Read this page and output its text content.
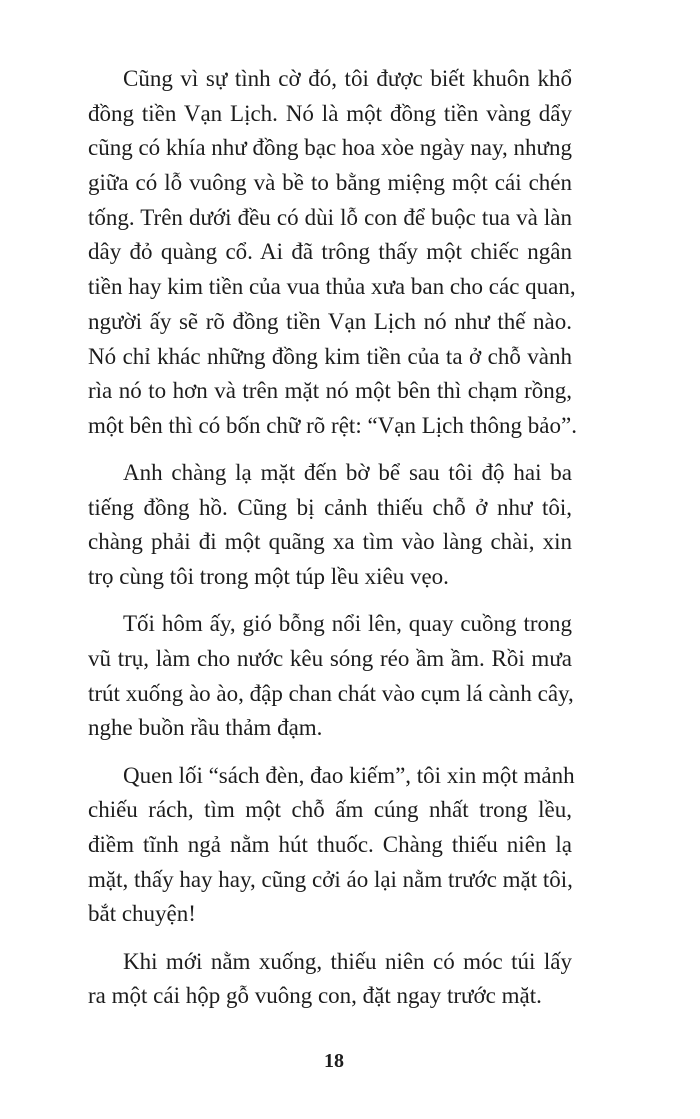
Cũng vì sự tình cờ đó, tôi được biết khuôn khổ
đồng tiền Vạn Lịch. Nó là một đồng tiền vàng dẩy
cũng có khía như đồng bạc hoa xòe ngày nay, nhưng
giữa có lỗ vuông và bề to bằng miệng một cái chén
tống. Trên dưới đều có dùi lỗ con để buộc tua và làn
dây đỏ quàng cổ. Ai đã trông thấy một chiếc ngân
tiền hay kim tiền của vua thủa xưa ban cho các quan,
người ấy sẽ rõ đồng tiền Vạn Lịch nó như thế nào.
Nó chỉ khác những đồng kim tiền của ta ở chỗ vành
rìa nó to hơn và trên mặt nó một bên thì chạm rồng,
một bên thì có bốn chữ rõ rệt: “Vạn Lịch thông bảo”.
Anh chàng lạ mặt đến bờ bể sau tôi độ hai ba
tiếng đồng hồ. Cũng bị cảnh thiếu chỗ ở như tôi,
chàng phải đi một quãng xa tìm vào làng chài, xin
trọ cùng tôi trong một túp lều xiêu vẹo.
Tối hôm ấy, gió bỗng nổi lên, quay cuồng trong
vũ trụ, làm cho nước kêu sóng réo ầm ầm. Rồi mưa
trút xuống ào ào, đập chan chát vào cụm lá cành cây,
nghe buồn rầu thảm đạm.
Quen lối “sách đèn, đao kiếm”, tôi xin một mảnh
chiếu rách, tìm một chỗ ấm cúng nhất trong lều,
điềm tĩnh ngả nằm hút thuốc. Chàng thiếu niên lạ
mặt, thấy hay hay, cũng cởi áo lại nằm trước mặt tôi,
bắt chuyện!
Khi mới nằm xuống, thiếu niên có móc túi lấy
ra một cái hộp gỗ vuông con, đặt ngay trước mặt.
18
